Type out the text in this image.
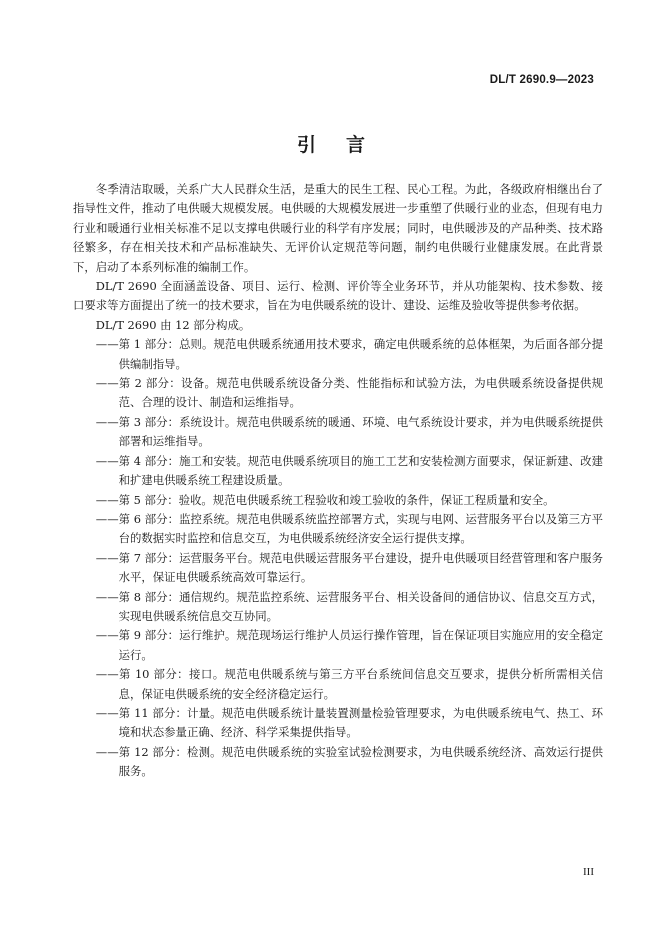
DL/T 2690.9—2023
引言

冬季清洁取暖，关系广大人民群众生活，是重大的民生工程、民心工程。为此，各级政府相继出台了指导性文件，推动了电供暖大规模发展。电供暖的大规模发展进一步重塑了供暖行业的业态，但现有电力行业和暖通行业相关标准不足以支撑电供暖行业的科学有序发展；同时，电供暖涉及的产品种类、技术路径繁多，存在相关技术和产品标准缺失、无评价认定规范等问题，制约电供暖行业健康发展。在此背景下，启动了本系列标准的编制工作。

DL/T 2690 全面涵盖设备、项目、运行、检测、评价等全业务环节，并从功能架构、技术参数、接口要求等方面提出了统一的技术要求，旨在为电供暖系统的设计、建设、运维及验收等提供参考依据。

DL/T 2690 由 12 部分构成。

——第 1 部分：总则。规范电供暖系统通用技术要求，确定电供暖系统的总体框架，为后面各部分提供编制指导。
——第 2 部分：设备。规范电供暖系统设备分类、性能指标和试验方法，为电供暖系统设备提供规范、合理的设计、制造和运维指导。
——第 3 部分：系统设计。规范电供暖系统的暖通、环境、电气系统设计要求，并为电供暖系统提供部署和运维指导。
——第 4 部分：施工和安装。规范电供暖系统项目的施工工艺和安装检测方面要求，保证新建、改建和扩建电供暖系统工程建设质量。
——第 5 部分：验收。规范电供暖系统工程验收和竣工验收的条件，保证工程质量和安全。
——第 6 部分：监控系统。规范电供暖系统监控部署方式，实现与电网、运营服务平台以及第三方平台的数据实时监控和信息交互，为电供暖系统经济安全运行提供支撑。
——第 7 部分：运营服务平台。规范电供暖运营服务平台建设，提升电供暖项目经营管理和客户服务水平，保证电供暖系统高效可靠运行。
——第 8 部分：通信规约。规范监控系统、运营服务平台、相关设备间的通信协议、信息交互方式，实现电供暖系统信息交互协同。
——第 9 部分：运行维护。规范现场运行维护人员运行操作管理，旨在保证项目实施应用的安全稳定运行。
——第 10 部分：接口。规范电供暖系统与第三方平台系统间信息交互要求，提供分析所需相关信息，保证电供暖系统的安全经济稳定运行。
——第 11 部分：计量。规范电供暖系统计量装置测量检验管理要求，为电供暖系统电气、热工、环境和状态参量正确、经济、科学采集提供指导。
——第 12 部分：检测。规范电供暖系统的实验室试验检测要求，为电供暖系统经济、高效运行提供服务。
III
